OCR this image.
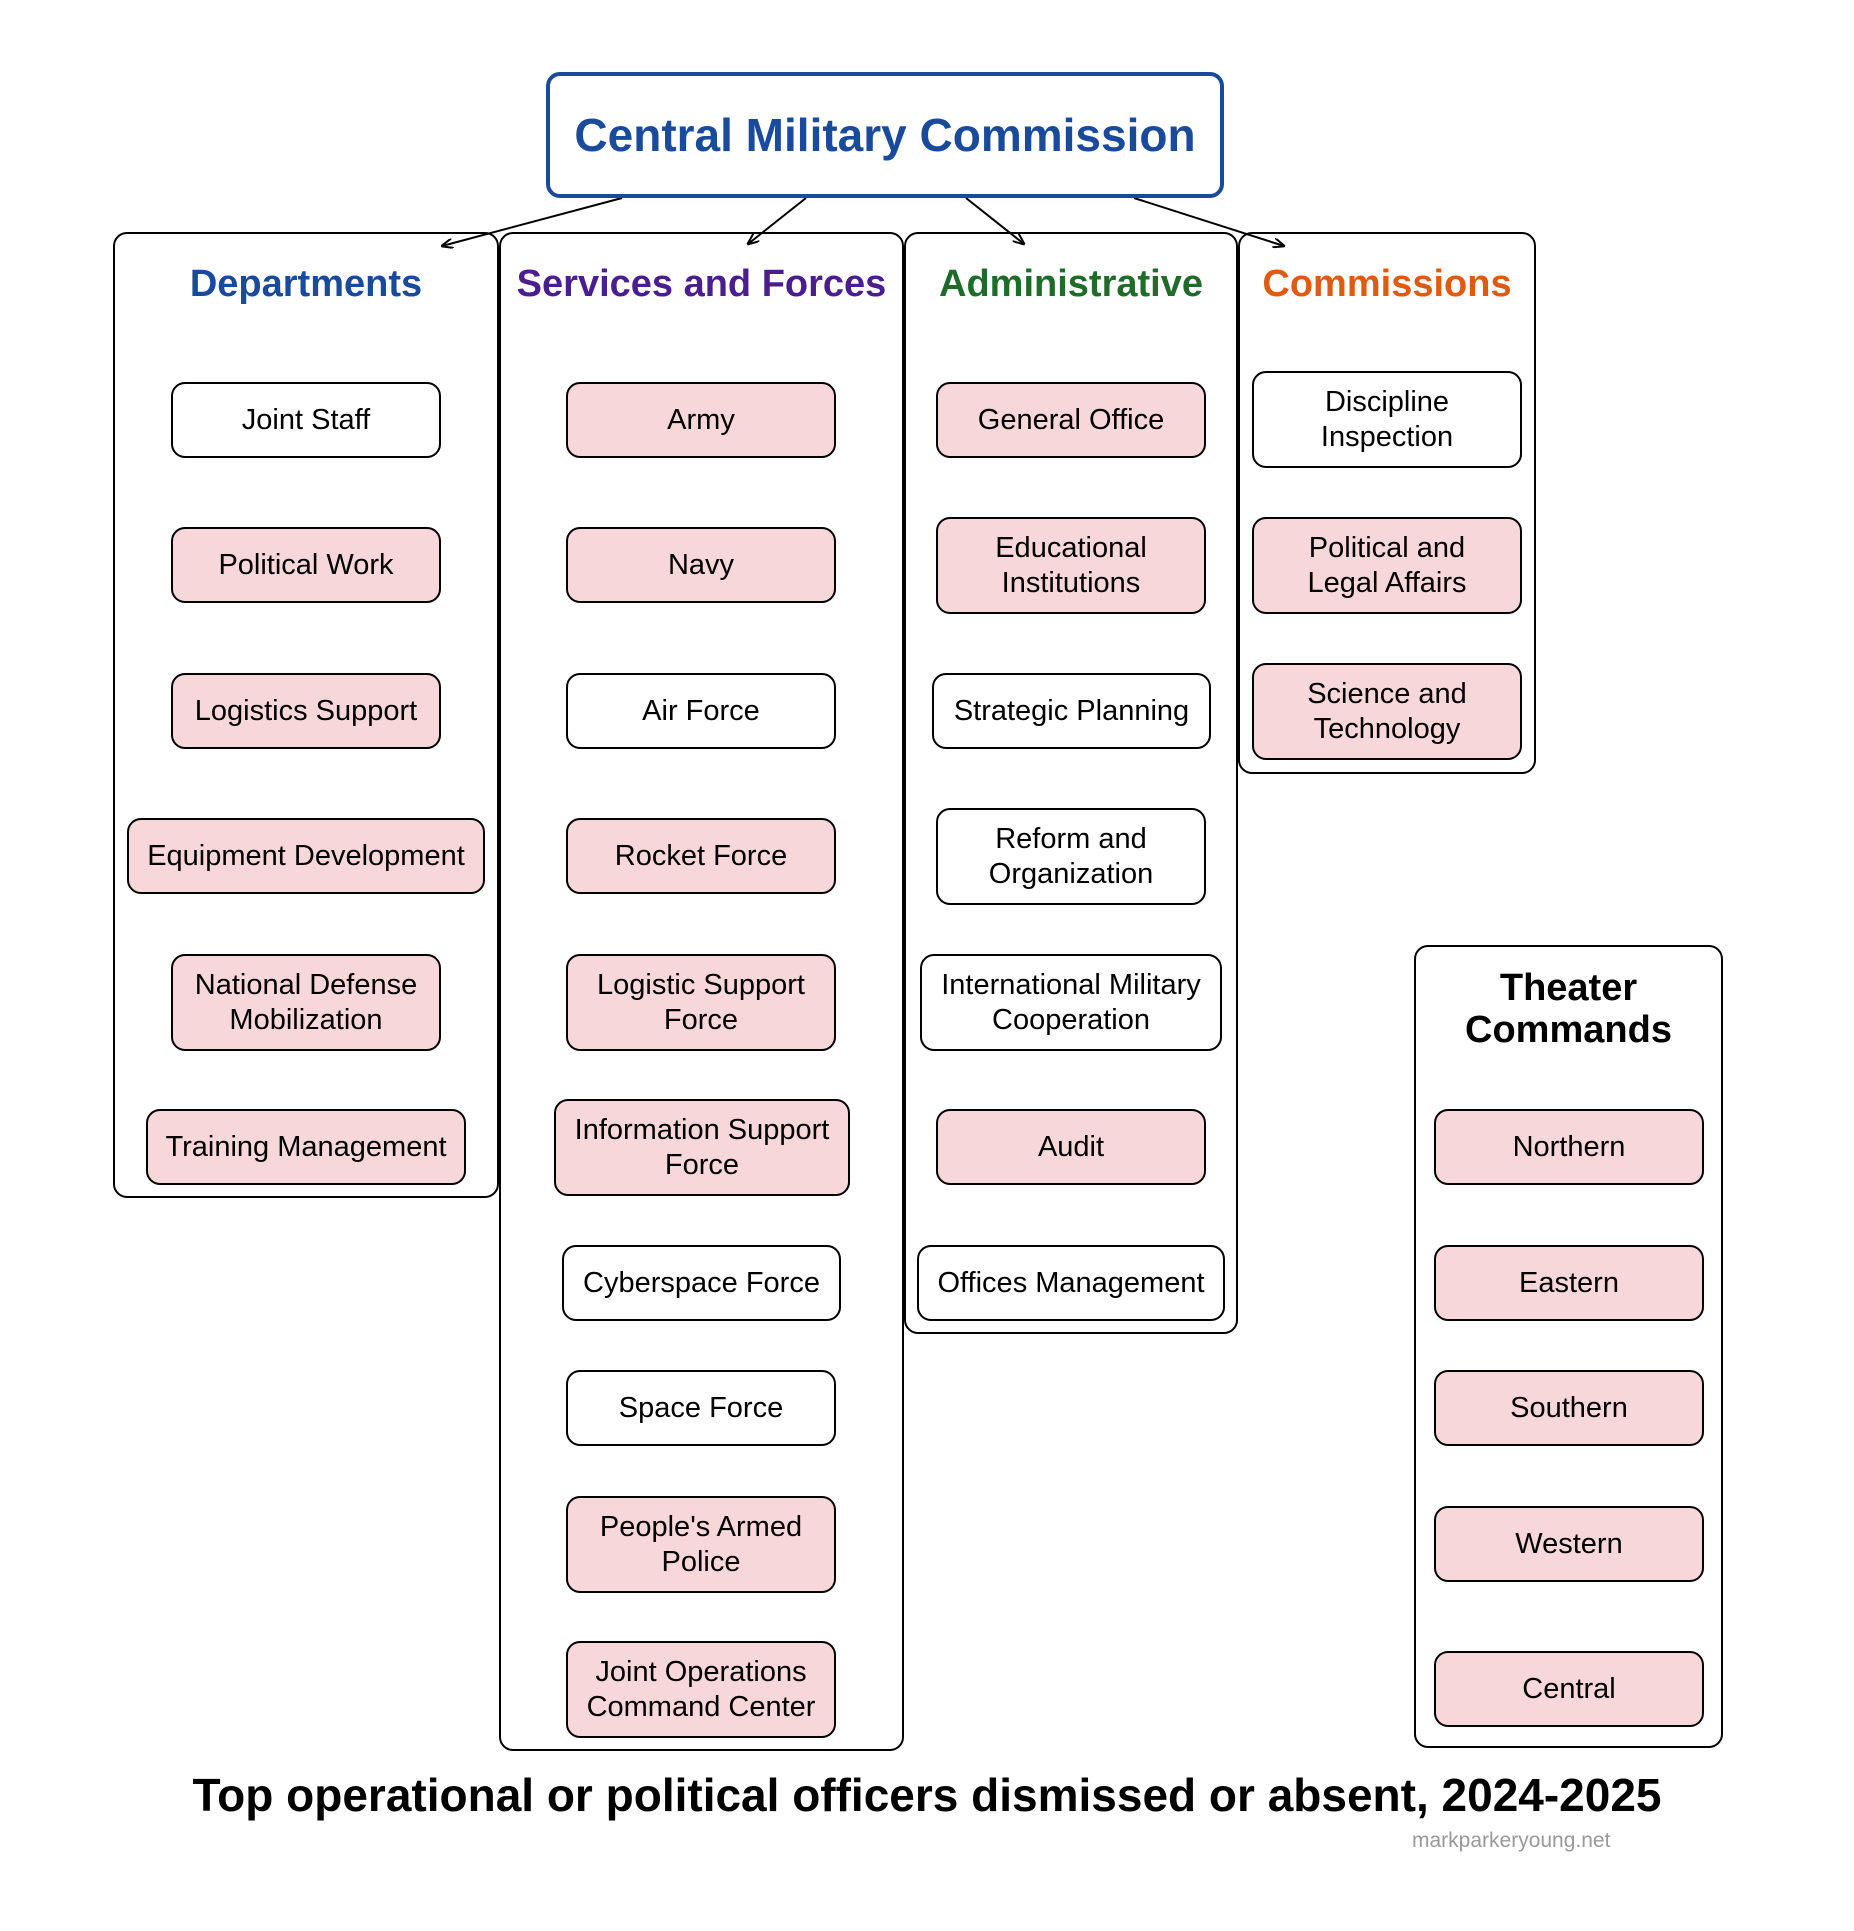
Central Military Commission
Departments
Joint Staff
Political Work
Logistics Support
Equipment Development
National Defense
Mobilization
Training Management
Services and Forces
Army
Navy
Air Force
Rocket Force
Logistic Support
Force
Information Support
Force
Cyberspace Force
Space Force
People's Armed
Police
Joint Operations
Command Center
Administrative
General Office
Educational
Institutions
Strategic Planning
Reform and
Organization
International Military
Cooperation
Audit
Offices Management
Commissions
Discipline
Inspection
Political and
Legal Affairs
Science and
Technology
Theater
Commands
Northern
Eastern
Southern
Western
Central
Top operational or political officers dismissed or absent, 2024-2025
markparkeryoung.net
